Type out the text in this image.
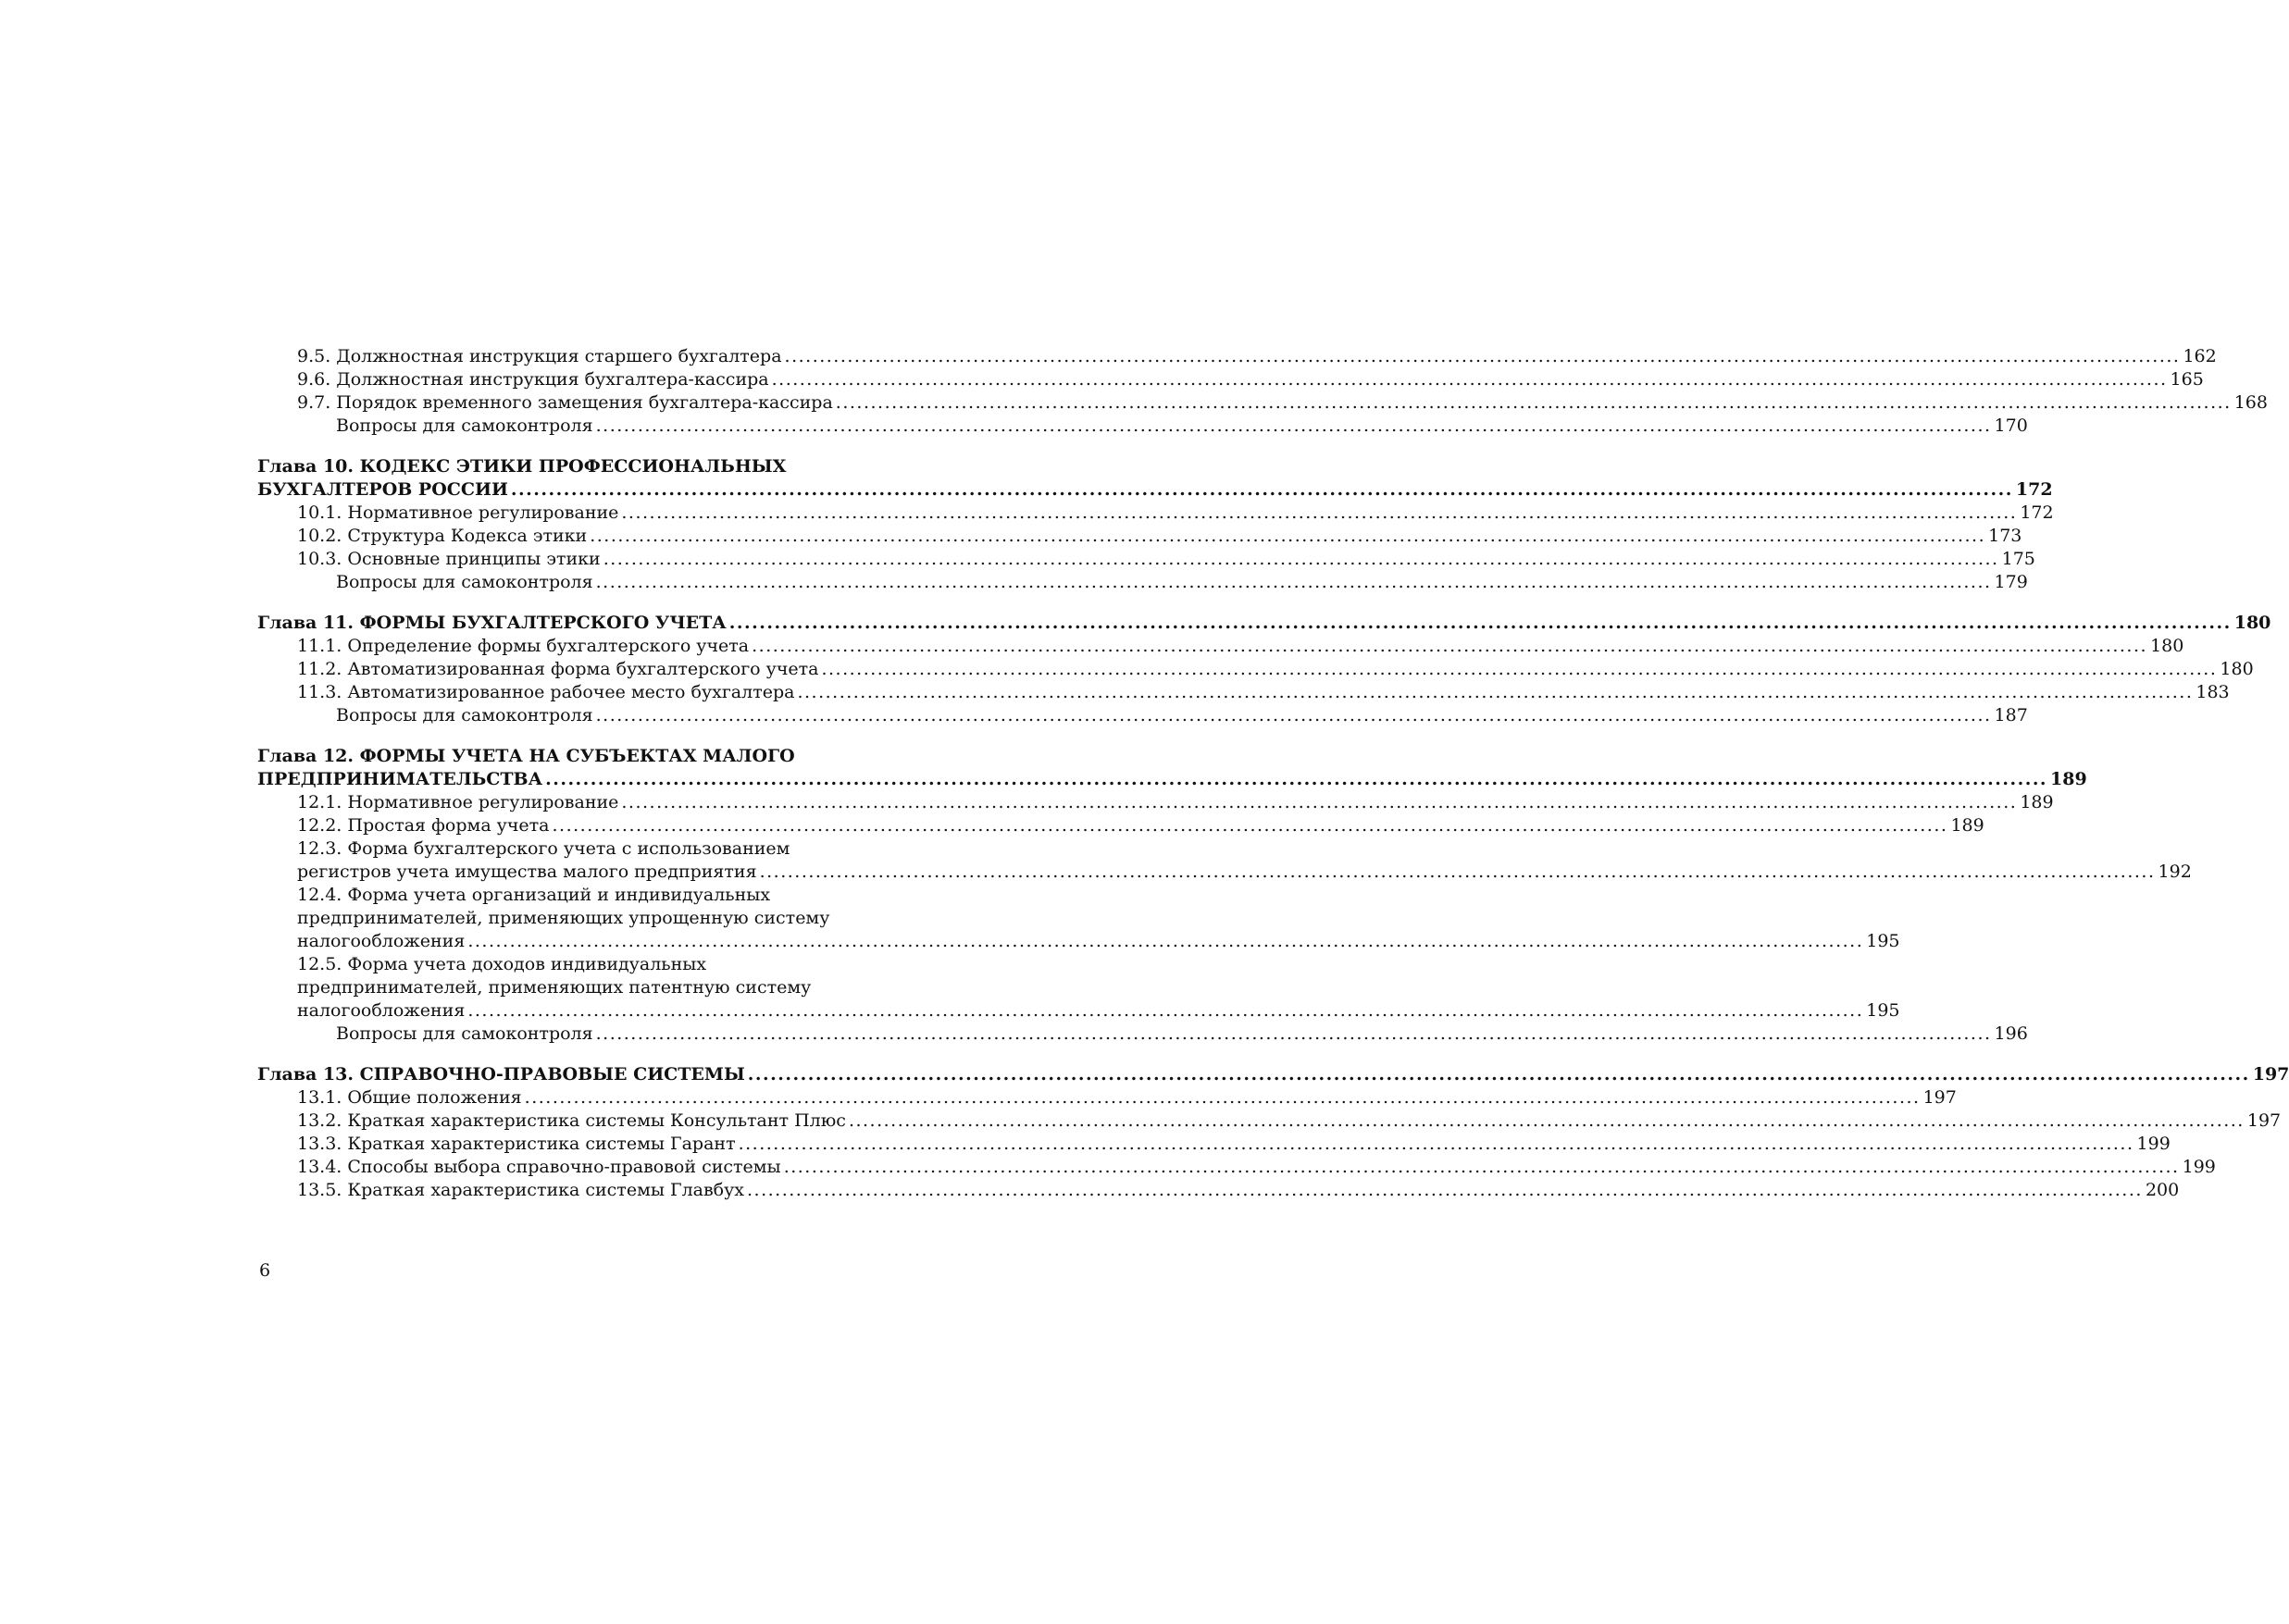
9.5. Должностная инструкция старшего бухгалтера ........................................................................................................................................................................................................ 162
9.6. Должностная инструкция бухгалтера-кассира ........................................................................................................................................................................................................ 165
9.7. Порядок временного замещения бухгалтера-кассира ........................................................................................................................................................................................................ 168
Вопросы для самоконтроля ........................................................................................................................................................................................................ 170
Глава 10. КОДЕКС ЭТИКИ ПРОФЕССИОНАЛЬНЫХ
БУХГАЛТЕРОВ РОССИИ ........................................................................................................................................................................................................ 172
10.1. Нормативное регулирование ........................................................................................................................................................................................................ 172
10.2. Структура Кодекса этики ........................................................................................................................................................................................................ 173
10.3. Основные принципы этики ........................................................................................................................................................................................................ 175
Вопросы для самоконтроля ........................................................................................................................................................................................................ 179
Глава 11. ФОРМЫ БУХГАЛТЕРСКОГО УЧЕТА ........................................................................................................................................................................................................ 180
11.1. Определение формы бухгалтерского учета ........................................................................................................................................................................................................ 180
11.2. Автоматизированная форма бухгалтерского учета ........................................................................................................................................................................................................ 180
11.3. Автоматизированное рабочее место бухгалтера ........................................................................................................................................................................................................ 183
Вопросы для самоконтроля ........................................................................................................................................................................................................ 187
Глава 12. ФОРМЫ УЧЕТА НА СУБЪЕКТАХ МАЛОГО
ПРЕДПРИНИМАТЕЛЬСТВА ........................................................................................................................................................................................................ 189
12.1. Нормативное регулирование ........................................................................................................................................................................................................ 189
12.2. Простая форма учета ........................................................................................................................................................................................................ 189
12.3. Форма бухгалтерского учета с использованием
регистров учета имущества малого предприятия ........................................................................................................................................................................................................ 192
12.4. Форма учета организаций и индивидуальных
предпринимателей, применяющих упрощенную систему
налогообложения ........................................................................................................................................................................................................ 195
12.5. Форма учета доходов индивидуальных
предпринимателей, применяющих патентную систему
налогообложения ........................................................................................................................................................................................................ 195
Вопросы для самоконтроля ........................................................................................................................................................................................................ 196
Глава 13. СПРАВОЧНО-ПРАВОВЫЕ СИСТЕМЫ ........................................................................................................................................................................................................ 197
13.1. Общие положения ........................................................................................................................................................................................................ 197
13.2. Краткая характеристика системы Консультант Плюс ........................................................................................................................................................................................................ 197
13.3. Краткая характеристика системы Гарант ........................................................................................................................................................................................................ 199
13.4. Способы выбора справочно-правовой системы ........................................................................................................................................................................................................ 199
13.5. Краткая характеристика системы Главбух ........................................................................................................................................................................................................ 200
6
